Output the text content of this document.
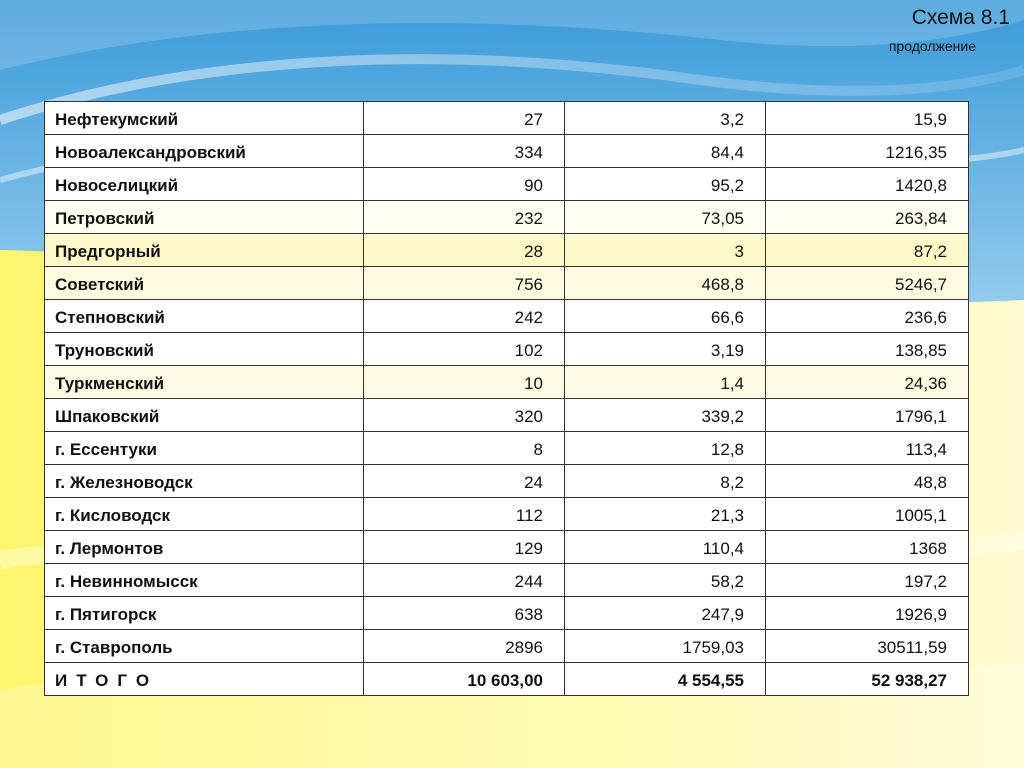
Схема 8.1
продолжение
Нефтекумский	27	3,2	15,9
Новоалександровский	334	84,4	1216,35
Новоселицкий	90	95,2	1420,8
Петровский	232	73,05	263,84
Предгорный	28	3	87,2
Советский	756	468,8	5246,7
Степновский	242	66,6	236,6
Труновский	102	3,19	138,85
Туркменский	10	1,4	24,36
Шпаковский	320	339,2	1796,1
г. Ессентуки	8	12,8	113,4
г. Железноводск	24	8,2	48,8
г. Кисловодск	112	21,3	1005,1
г. Лермонтов	129	110,4	1368
г. Невинномысск	244	58,2	197,2
г. Пятигорск	638	247,9	1926,9
г. Ставрополь	2896	1759,03	30511,59
ИТОГО	10 603,00	4 554,55	52 938,27
